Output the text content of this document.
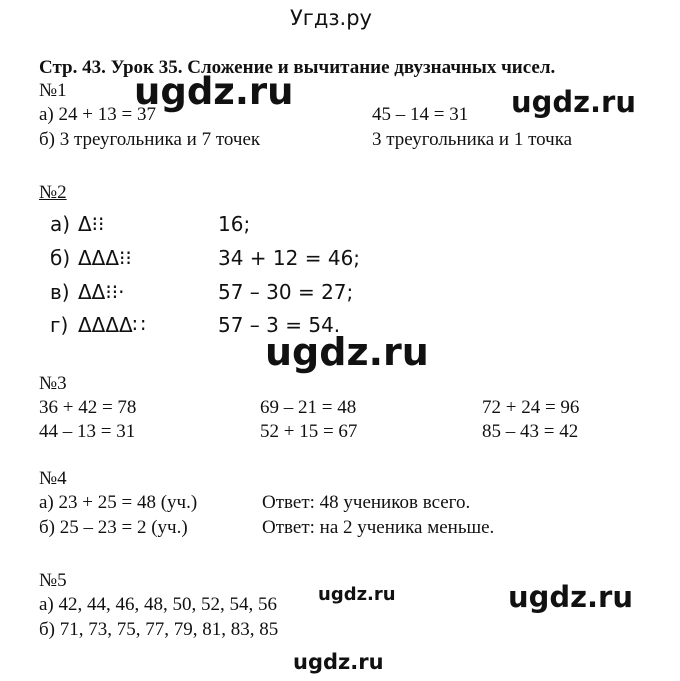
Угдз.ру
Стр. 43. Урок 35. Сложение и вычитание двузначных чисел.
№1
а) 24 + 13 = 37	45 – 14 = 31
б) 3 треугольника и 7 точек	3 треугольника и 1 точка
№2
а) Δ⁝⁝	16;
б) ΔΔΔ⁝⁝	34 + 12 = 46;
в) ΔΔ⁝⁝·	57 – 30 = 27;
г) ΔΔΔΔ∷	57 – 3 = 54.
№3
36 + 42 = 78	69 – 21 = 48	72 + 24 = 96
44 – 13 = 31	52 + 15 = 67	85 – 43 = 42
№4
а) 23 + 25 = 48 (уч.)	Ответ: 48 учеников всего.
б) 25 – 23 = 2 (уч.)	Ответ: на 2 ученика меньше.
№5
а) 42, 44, 46, 48, 50, 52, 54, 56
б) 71, 73, 75, 77, 79, 81, 83, 85
ugdz.ru	ugdz.ru
ugdz.ru
ugdz.ru	ugdz.ru
ugdz.ru
